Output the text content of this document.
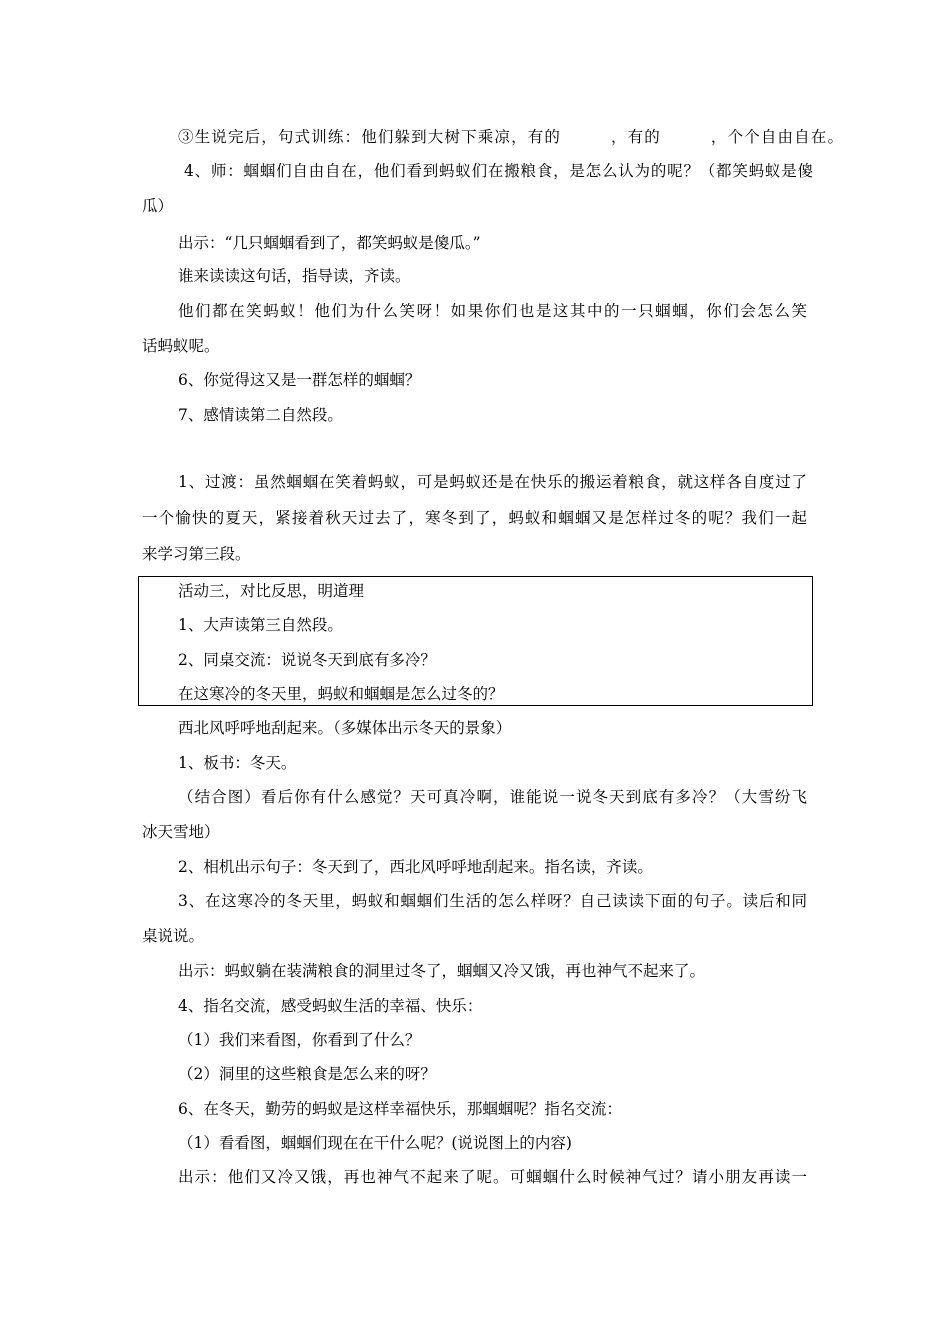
③生说完后，句式训练：他们躲到大树下乘凉，有的　　　，有的　　　，个个自由自在。
4、师：蝈蝈们自由自在，他们看到蚂蚁们在搬粮食，是怎么认为的呢？（都笑蚂蚁是傻
瓜）
出示：“几只蝈蝈看到了，都笑蚂蚁是傻瓜。”
谁来读读这句话，指导读，齐读。
他们都在笑蚂蚁！他们为什么笑呀！如果你们也是这其中的一只蝈蝈，你们会怎么笑
话蚂蚁呢。
6、你觉得这又是一群怎样的蝈蝈？
7、感情读第二自然段。
1、过渡：虽然蝈蝈在笑着蚂蚁，可是蚂蚁还是在快乐的搬运着粮食，就这样各自度过了
一个愉快的夏天，紧接着秋天过去了，寒冬到了，蚂蚁和蝈蝈又是怎样过冬的呢？我们一起
来学习第三段。
活动三，对比反思，明道理
1、大声读第三自然段。
2、同桌交流：说说冬天到底有多冷？
在这寒冷的冬天里，蚂蚁和蝈蝈是怎么过冬的？
西北风呼呼地刮起来。（多媒体出示冬天的景象）
1、板书：冬天。
（结合图）看后你有什么感觉？天可真冷啊，谁能说一说冬天到底有多冷？（大雪纷飞
冰天雪地）
2、相机出示句子：冬天到了，西北风呼呼地刮起来。指名读，齐读。
3、在这寒冷的冬天里，蚂蚁和蝈蝈们生活的怎么样呀？自己读读下面的句子。读后和同
桌说说。
出示：蚂蚁躺在装满粮食的洞里过冬了，蝈蝈又冷又饿，再也神气不起来了。
4、指名交流，感受蚂蚁生活的幸福、快乐：
（1）我们来看图，你看到了什么？
（2）洞里的这些粮食是怎么来的呀？
6、在冬天，勤劳的蚂蚁是这样幸福快乐，那蝈蝈呢？指名交流：
（1）看看图，蝈蝈们现在在干什么呢？(说说图上的内容)
出示：他们又冷又饿，再也神气不起来了呢。可蝈蝈什么时候神气过？请小朋友再读一
